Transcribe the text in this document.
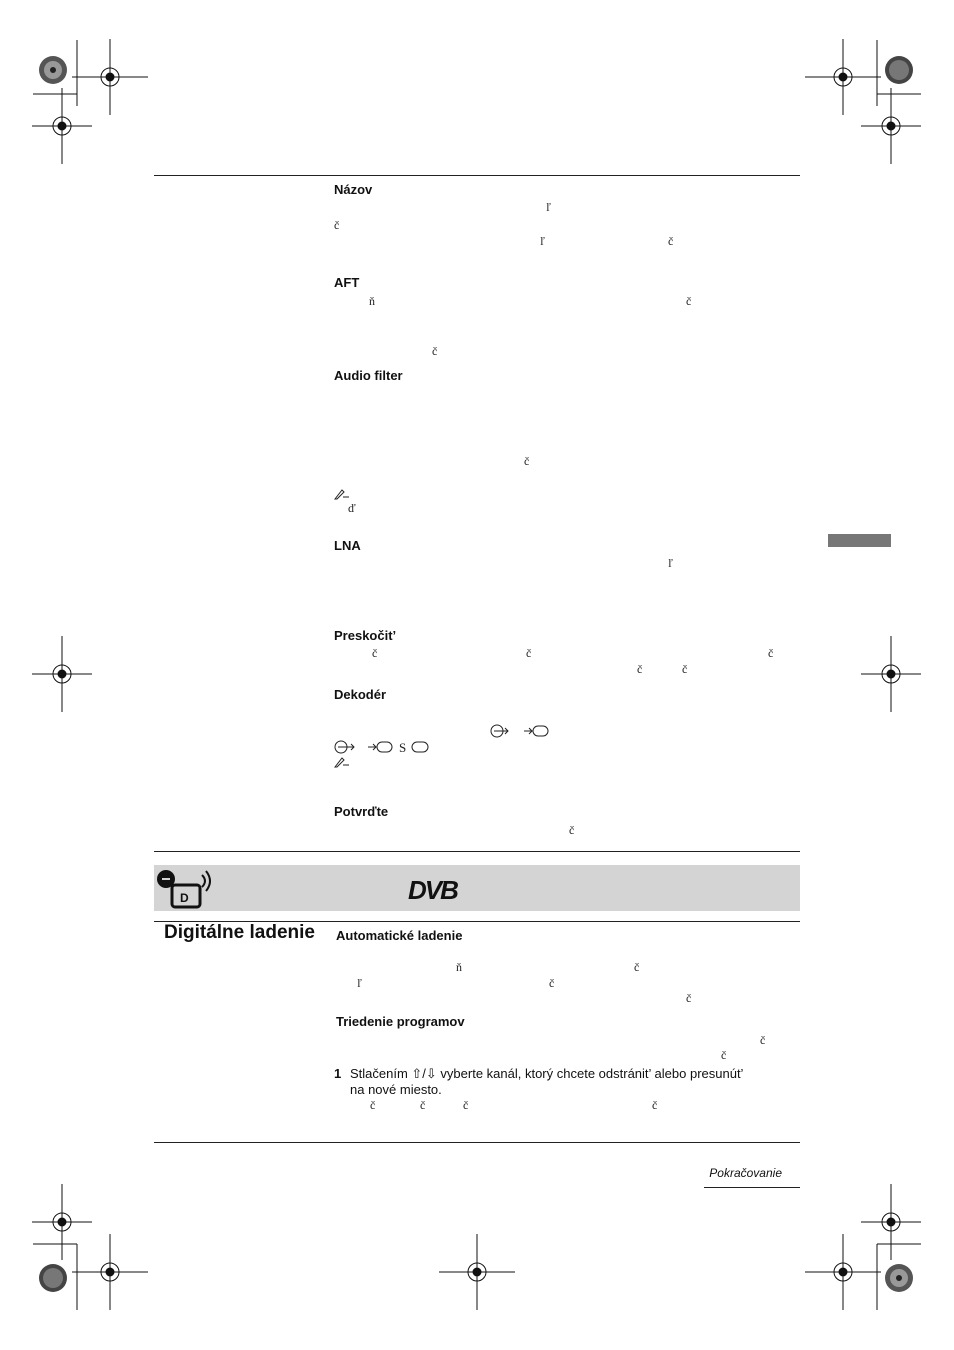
Názov
AFT
Audio filter
LNA
Preskočit’
Dekodér
Potvrďte
ľ
č
ľ	č
ň	č
č
č
ď
ľ
č	č	č
č	č
S
č
D	DVB
Digitálne ladenie Automatické ladenie
ň	č
ľ	č
č
Triedenie programov
č
č
1 Stlačením ⇧/⇩ vyberte kanál, ktorý chcete odstránit’ alebo presunút’
na nové miesto.
č	č	č	č
Pokračovanie
